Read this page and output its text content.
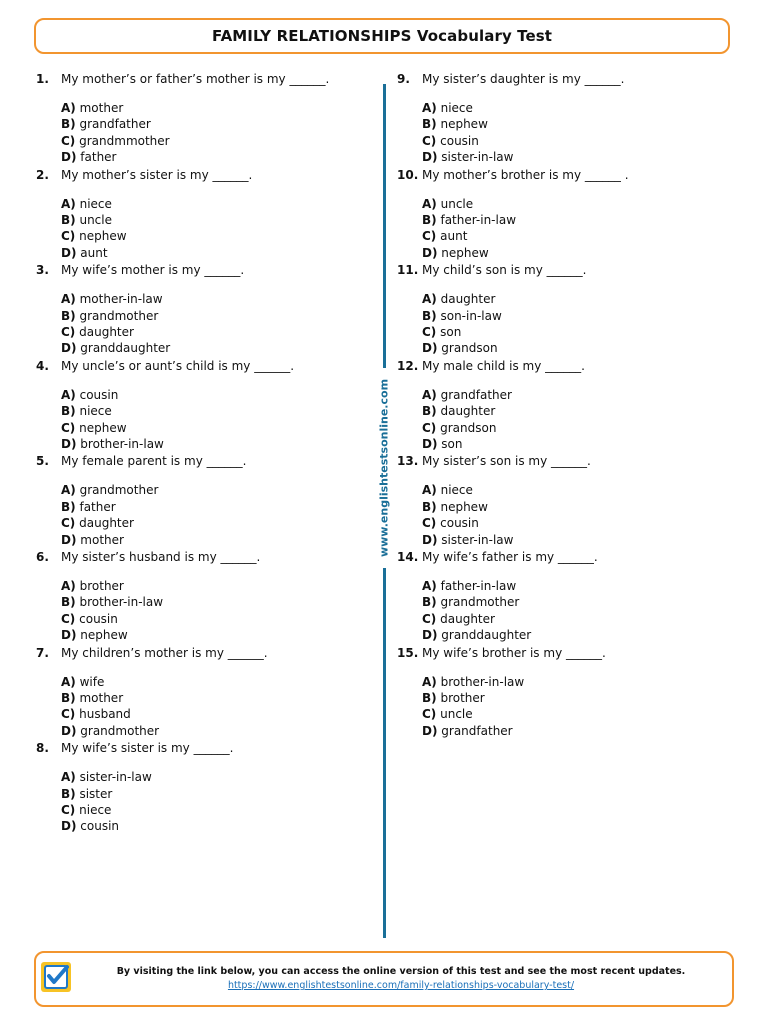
FAMILY RELATIONSHIPS Vocabulary Test
1. My mother’s or father’s mother is my ______.
A) mother
B) grandfather
C) grandmmother
D) father
2. My mother’s sister is my ______.
A) niece
B) uncle
C) nephew
D) aunt
3. My wife’s mother is my ______.
A) mother-in-law
B) grandmother
C) daughter
D) granddaughter
4. My uncle’s or aunt’s child is my ______.
A) cousin
B) niece
C) nephew
D) brother-in-law
5. My female parent is my ______.
A) grandmother
B) father
C) daughter
D) mother
6. My sister’s husband is my ______.
A) brother
B) brother-in-law
C) cousin
D) nephew
7. My children’s mother is my ______.
A) wife
B) mother
C) husband
D) grandmother
8. My wife’s sister is my ______.
A) sister-in-law
B) sister
C) niece
D) cousin
www.englishtestsonline.com
9. My sister’s daughter is my ______.
A) niece
B) nephew
C) cousin
D) sister-in-law
10. My mother’s brother is my ______ .
A) uncle
B) father-in-law
C) aunt
D) nephew
11. My child’s son is my ______.
A) daughter
B) son-in-law
C) son
D) grandson
12. My male child is my ______.
A) grandfather
B) daughter
C) grandson
D) son
13. My sister’s son is my ______.
A) niece
B) nephew
C) cousin
D) sister-in-law
14. My wife’s father is my ______.
A) father-in-law
B) grandmother
C) daughter
D) granddaughter
15. My wife’s brother is my ______.
A) brother-in-law
B) brother
C) uncle
D) grandfather
By visiting the link below, you can access the online version of this test and see the most recent updates.
https://www.englishtestsonline.com/family-relationships-vocabulary-test/
